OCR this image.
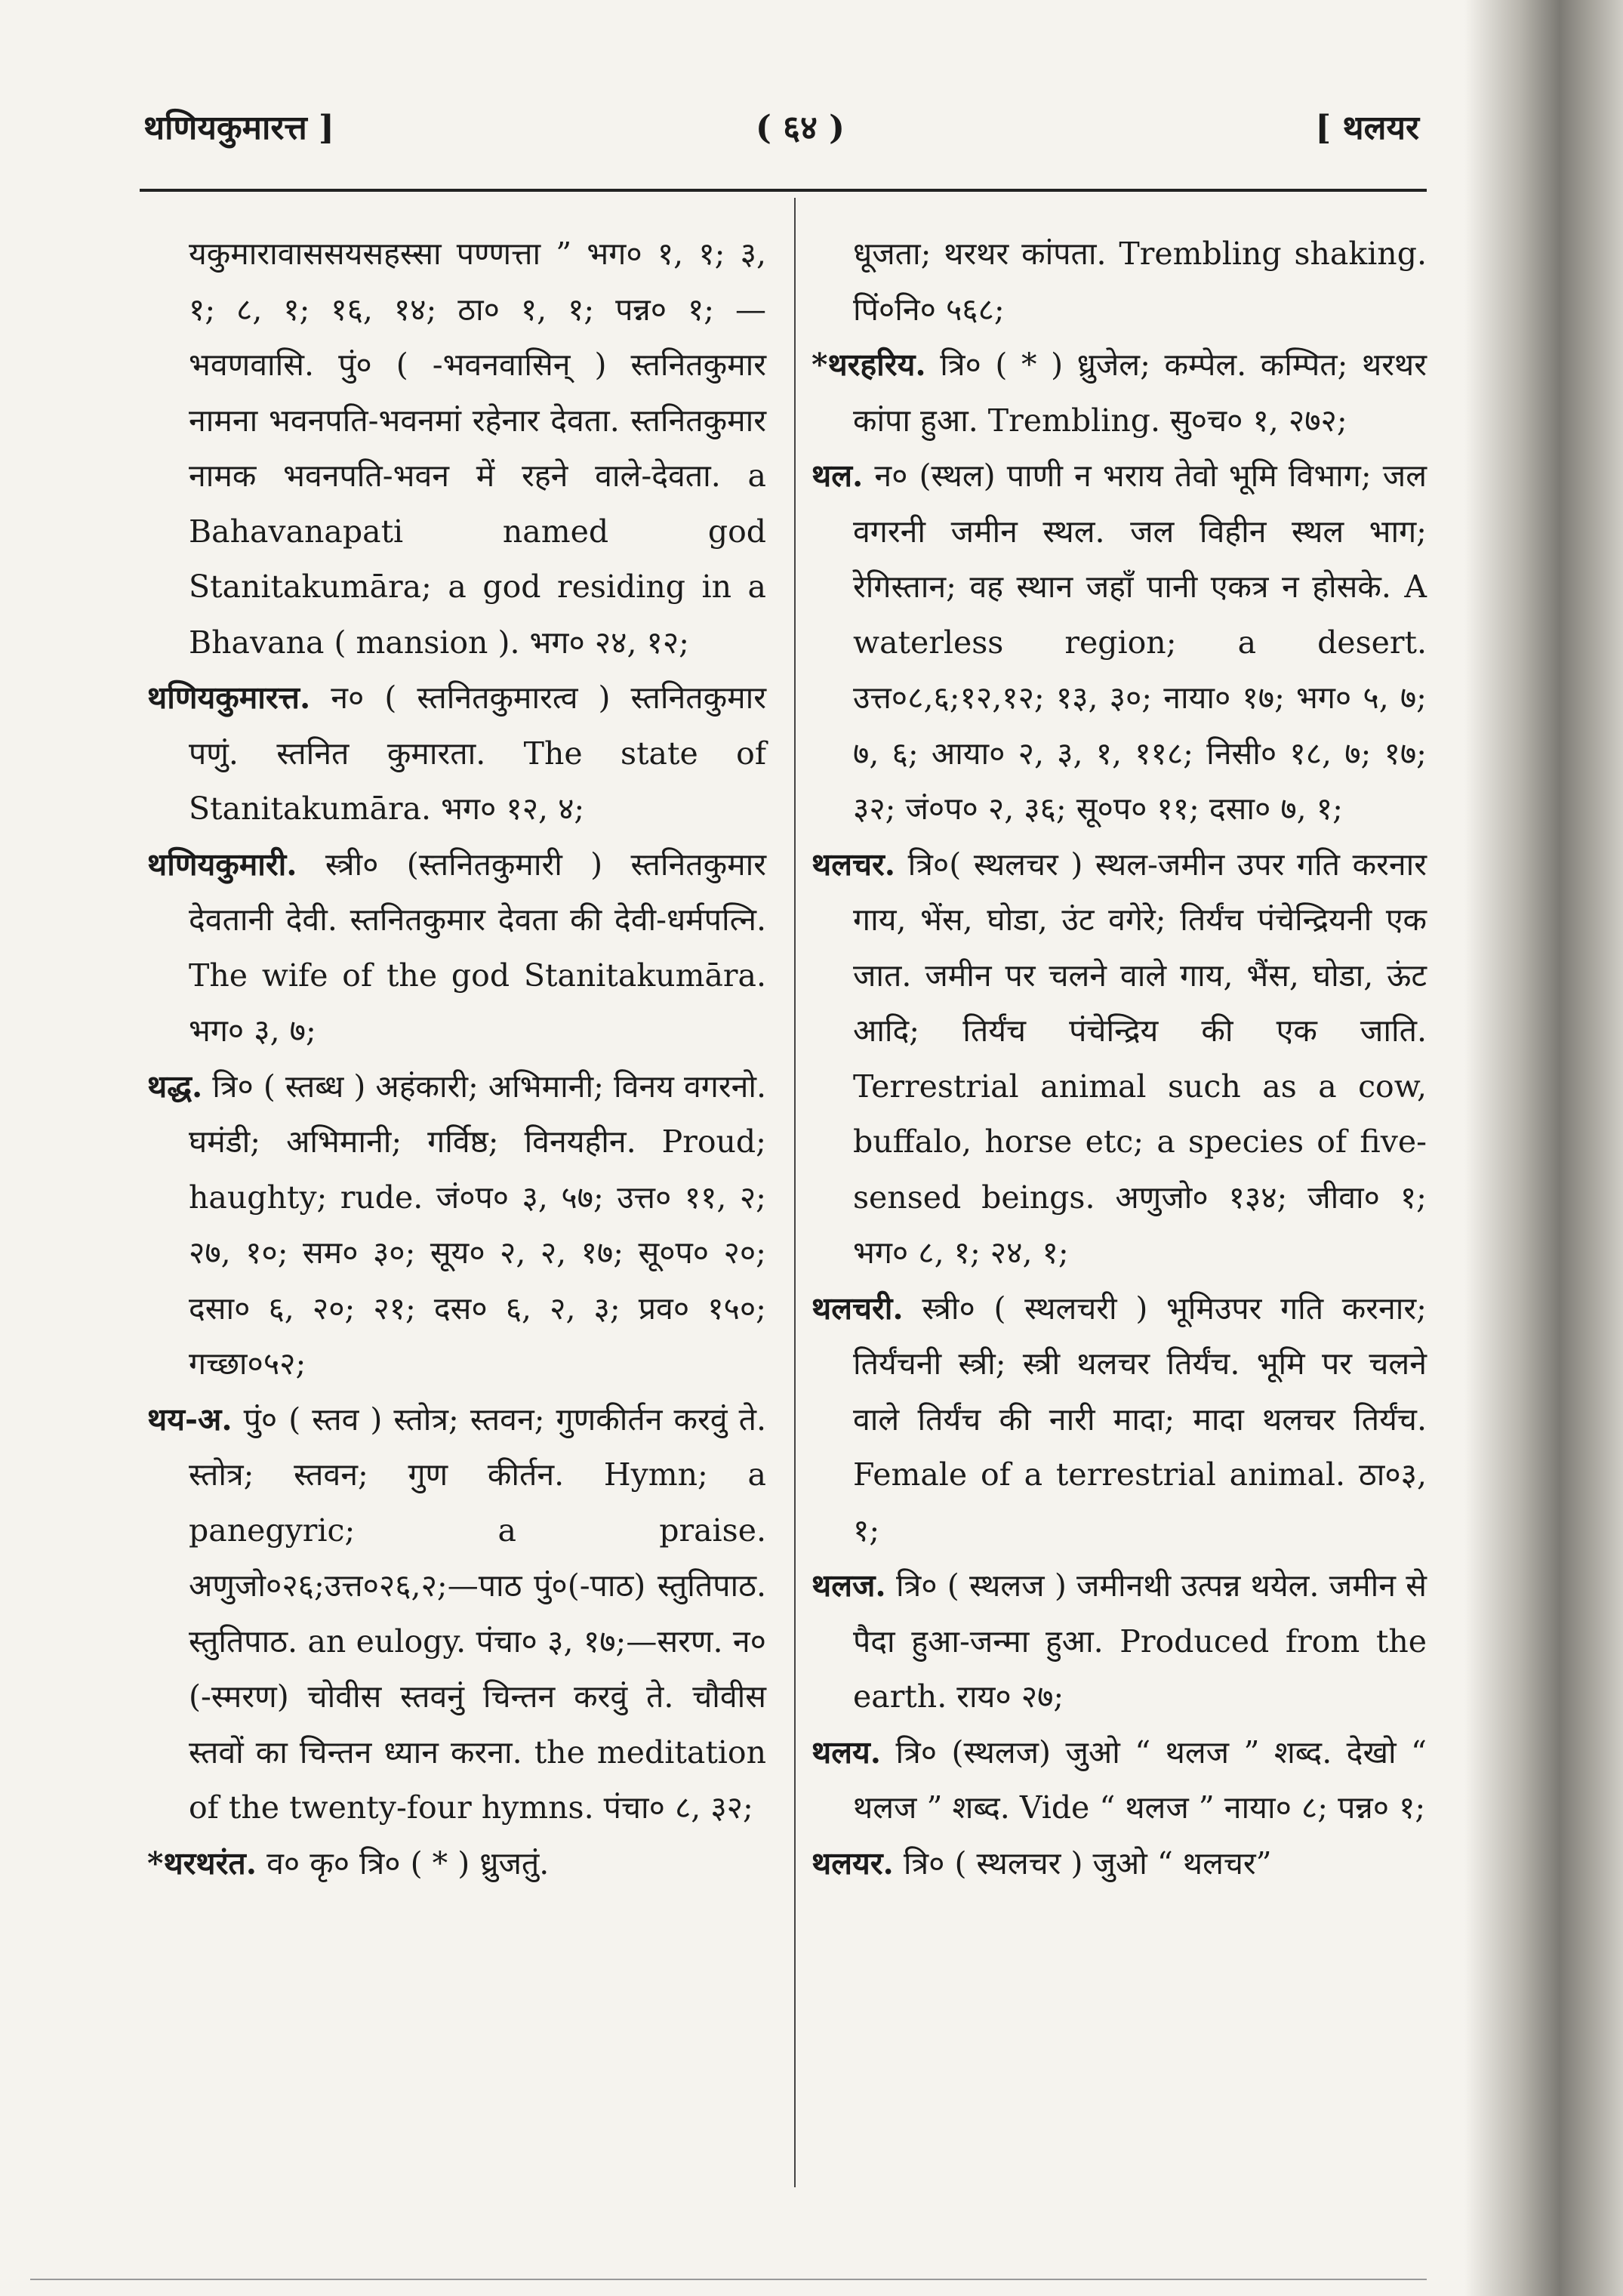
थणियकुमारत्त ]	( ६४ )	[ थलयर

यकुमारावाससयसहस्सा पण्णत्ता ” भग० १, १; ३, १; ८, १; १६, १४; ठा० १, १; पन्न० १; —भवणवासि. पुं० ( -भवनवासिन् ) स्तनितकुमार नामना भवनपति-भवनमां रहेनार देवता. स्तनितकुमार नामक भवनपति-भवन में रहने वाले-देवता. a Bahavanapati named god Stanitakumāra; a god residing in a Bhavana ( mansion ). भग० २४, १२;

थणियकुमारत्त. न० ( स्तनितकुमारत्व ) स्तनितकुमार पणुं. स्तनित कुमारता. The state of Stanitakumāra. भग० १२, ४;

थणियकुमारी. स्त्री० (स्तनितकुमारी ) स्तनितकुमार देवतानी देवी. स्तनितकुमार देवता की देवी-धर्मपत्नि. The wife of the god Stanitakumāra. भग० ३, ७;

थद्ध. त्रि० ( स्तब्ध ) अहंकारी; अभिमानी; विनय वगरनो. घमंडी; अभिमानी; गर्विष्ठ; विनयहीन. Proud; haughty; rude. जं०प० ३, ५७; उत्त० ११, २; २७, १०; सम० ३०; सूय० २, २, १७; सू०प० २०; दसा० ६, २०; २१; दस० ६, २, ३; प्रव० १५०; गच्छा०५२;

थय-अ. पुं० ( स्तव ) स्तोत्र; स्तवन; गुणकीर्तन करवुं ते. स्तोत्र; स्तवन; गुण कीर्तन. Hymn; a panegyric; a praise. अणुजो०२६;उत्त०२६,२;—पाठ पुं०(-पाठ) स्तुतिपाठ. स्तुतिपाठ. an eulogy. पंचा० ३, १७;—सरण. न० (-स्मरण) चोवीस स्तवनुं चिन्तन करवुं ते. चौवीस स्तवों का चिन्तन ध्यान करना. the meditation of the twenty-four hymns. पंचा० ८, ३२;

*थरथरंत. व० कृ० त्रि० ( * ) ध्रुजतुं.

धूजता; थरथर कांपता. Trembling shaking. पिं०नि० ५६८;

*थरहरिय. त्रि० ( * ) ध्रुजेल; कम्पेल. कम्पित; थरथर कांपा हुआ. Trembling. सु०च० १, २७२;

थल. न० (स्थल) पाणी न भराय तेवो भूमि विभाग; जल वगरनी जमीन स्थल. जल विहीन स्थल भाग; रेगिस्तान; वह स्थान जहाँ पानी एकत्र न होसके. A waterless region; a desert. उत्त०८,६;१२,१२; १३, ३०; नाया० १७; भग० ५, ७; ७, ६; आया० २, ३, १, ११८; निसी० १८, ७; १७; ३२; जं०प० २, ३६; सू०प० ११; दसा० ७, १;

थलचर. त्रि०( स्थलचर ) स्थल-जमीन उपर गति करनार गाय, भेंस, घोडा, उंट वगेरे; तिर्यंच पंचेन्द्रियनी एक जात. जमीन पर चलने वाले गाय, भैंस, घोडा, ऊंट आदि; तिर्यंच पंचेन्द्रिय की एक जाति. Terrestrial animal such as a cow, buffalo, horse etc; a species of five-sensed beings. अणुजो० १३४; जीवा० १; भग० ८, १; २४, १;

थलचरी. स्त्री० ( स्थलचरी ) भूमिउपर गति करनार; तिर्यंचनी स्त्री; स्त्री थलचर तिर्यंच. भूमि पर चलने वाले तिर्यंच की नारी मादा; मादा थलचर तिर्यंच. Female of a terrestrial animal. ठा०३, १;

थलज. त्रि० ( स्थलज ) जमीनथी उत्पन्न थयेल. जमीन से पैदा हुआ-जन्मा हुआ. Produced from the earth. राय० २७;

थलय. त्रि० (स्थलज) जुओ “ थलज ” शब्द. देखो “ थलज ” शब्द. Vide “ थलज ” नाया० ८; पन्न० १;

थलयर. त्रि० ( स्थलचर ) जुओ “ थलचर”
